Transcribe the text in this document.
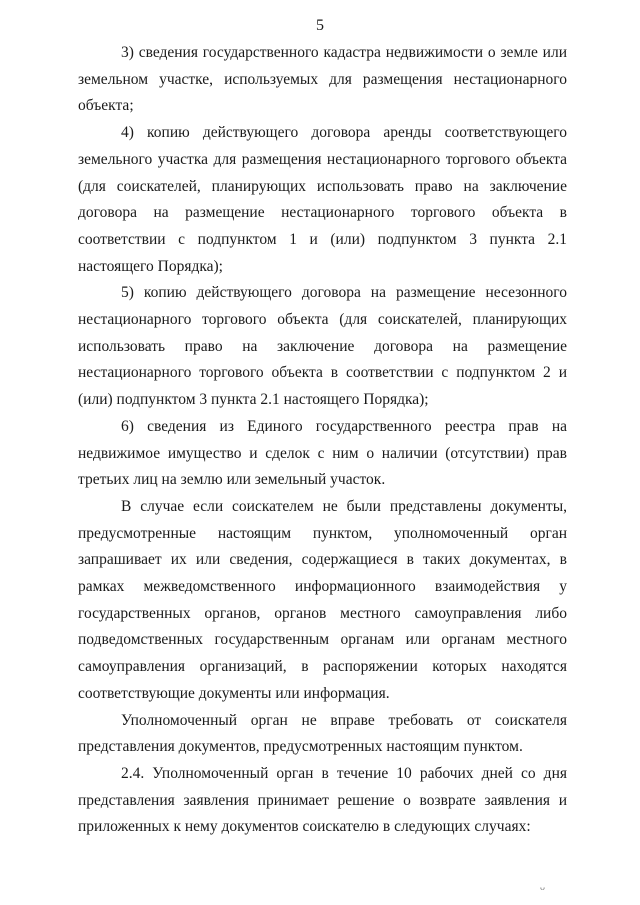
5

3) сведения государственного кадастра недвижимости о земле или земельном участке, используемых для размещения нестационарного объекта;

4) копию действующего договора аренды соответствующего земельного участка для размещения нестационарного торгового объекта (для соискателей, планирующих использовать право на заключение договора на размещение нестационарного торгового объекта в соответствии с подпунктом 1 и (или) подпунктом 3 пункта 2.1 настоящего Порядка);

5) копию действующего договора на размещение несезонного нестационарного торгового объекта (для соискателей, планирующих использовать право на заключение договора на размещение нестационарного торгового объекта в соответствии с подпунктом 2 и (или) подпунктом 3 пункта 2.1 настоящего Порядка);

6) сведения из Единого государственного реестра прав на недвижимое имущество и сделок с ним о наличии (отсутствии) прав третьих лиц на землю или земельный участок.

В случае если соискателем не были представлены документы, предусмотренные настоящим пунктом, уполномоченный орган запрашивает их или сведения, содержащиеся в таких документах, в рамках межведомственного информационного взаимодействия у государственных органов, органов местного самоуправления либо подведомственных государственным органам или органам местного самоуправления организаций, в распоряжении которых находятся соответствующие документы или информация.

Уполномоченный орган не вправе требовать от соискателя представления документов, предусмотренных настоящим пунктом.

2.4. Уполномоченный орган в течение 10 рабочих дней со дня представления заявления принимает решение о возврате заявления и приложенных к нему документов соискателю в следующих случаях:

ᴗ
